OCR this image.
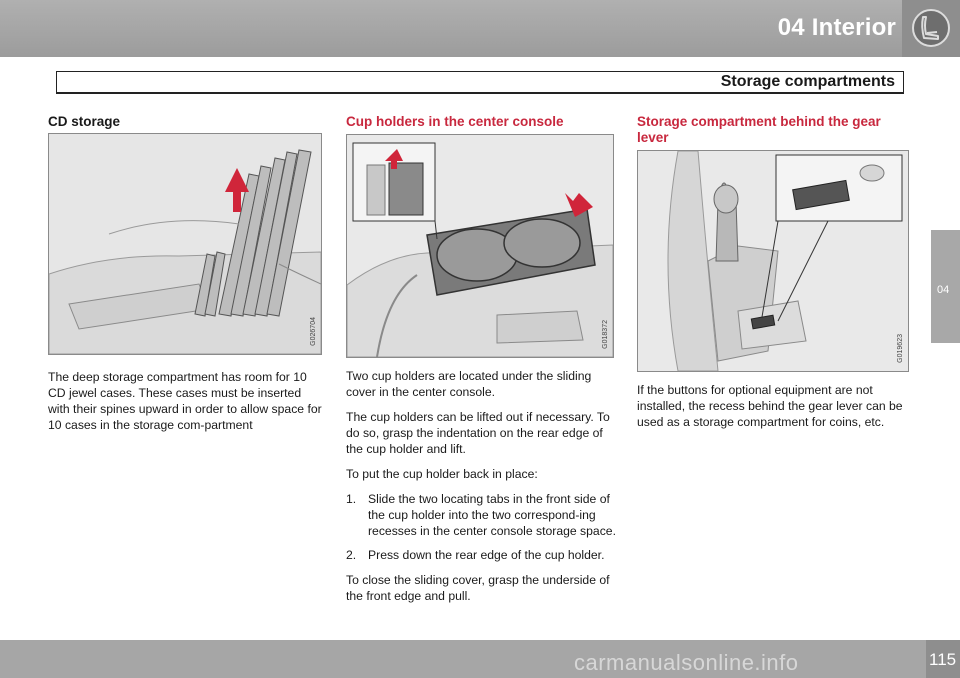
04 Interior
Storage compartments
04
CD storage
G026704

The deep storage compartment has room for 10 CD jewel cases. These cases must be inserted with their spines upward in order to allow space for 10 cases in the storage com-partment

Cup holders in the center console
G018372

Two cup holders are located under the sliding cover in the center console.

The cup holders can be lifted out if necessary. To do so, grasp the indentation on the rear edge of the cup holder and lift.

To put the cup holder back in place:

1. Slide the two locating tabs in the front side of the cup holder into the two correspond-ing recesses in the center console storage space.
2. Press down the rear edge of the cup holder.

To close the sliding cover, grasp the underside of the front edge and pull.

Storage compartment behind the gear lever
G019623

If the buttons for optional equipment are not installed, the recess behind the gear lever can be used as a storage compartment for coins, etc.

carmanualsonline.info	115
